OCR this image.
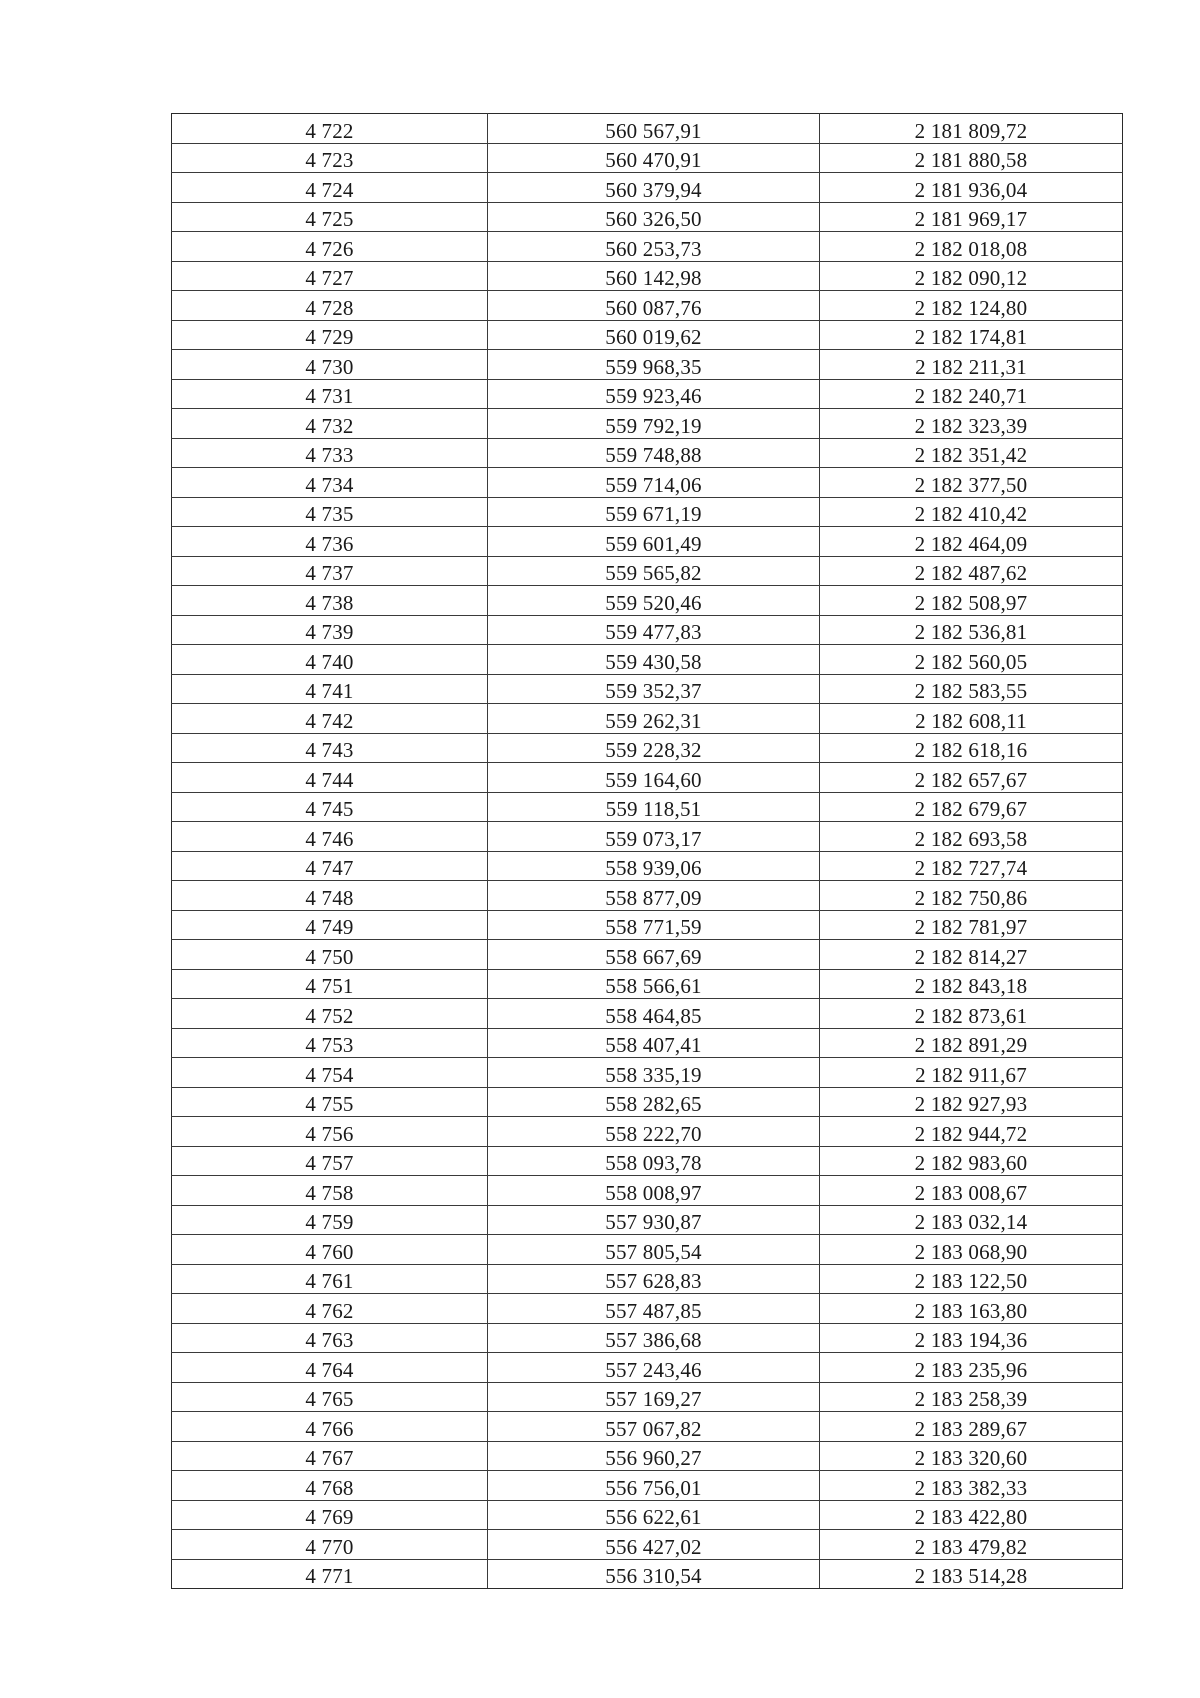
4 722	560 567,91	2 181 809,72
4 723	560 470,91	2 181 880,58
4 724	560 379,94	2 181 936,04
4 725	560 326,50	2 181 969,17
4 726	560 253,73	2 182 018,08
4 727	560 142,98	2 182 090,12
4 728	560 087,76	2 182 124,80
4 729	560 019,62	2 182 174,81
4 730	559 968,35	2 182 211,31
4 731	559 923,46	2 182 240,71
4 732	559 792,19	2 182 323,39
4 733	559 748,88	2 182 351,42
4 734	559 714,06	2 182 377,50
4 735	559 671,19	2 182 410,42
4 736	559 601,49	2 182 464,09
4 737	559 565,82	2 182 487,62
4 738	559 520,46	2 182 508,97
4 739	559 477,83	2 182 536,81
4 740	559 430,58	2 182 560,05
4 741	559 352,37	2 182 583,55
4 742	559 262,31	2 182 608,11
4 743	559 228,32	2 182 618,16
4 744	559 164,60	2 182 657,67
4 745	559 118,51	2 182 679,67
4 746	559 073,17	2 182 693,58
4 747	558 939,06	2 182 727,74
4 748	558 877,09	2 182 750,86
4 749	558 771,59	2 182 781,97
4 750	558 667,69	2 182 814,27
4 751	558 566,61	2 182 843,18
4 752	558 464,85	2 182 873,61
4 753	558 407,41	2 182 891,29
4 754	558 335,19	2 182 911,67
4 755	558 282,65	2 182 927,93
4 756	558 222,70	2 182 944,72
4 757	558 093,78	2 182 983,60
4 758	558 008,97	2 183 008,67
4 759	557 930,87	2 183 032,14
4 760	557 805,54	2 183 068,90
4 761	557 628,83	2 183 122,50
4 762	557 487,85	2 183 163,80
4 763	557 386,68	2 183 194,36
4 764	557 243,46	2 183 235,96
4 765	557 169,27	2 183 258,39
4 766	557 067,82	2 183 289,67
4 767	556 960,27	2 183 320,60
4 768	556 756,01	2 183 382,33
4 769	556 622,61	2 183 422,80
4 770	556 427,02	2 183 479,82
4 771	556 310,54	2 183 514,28
